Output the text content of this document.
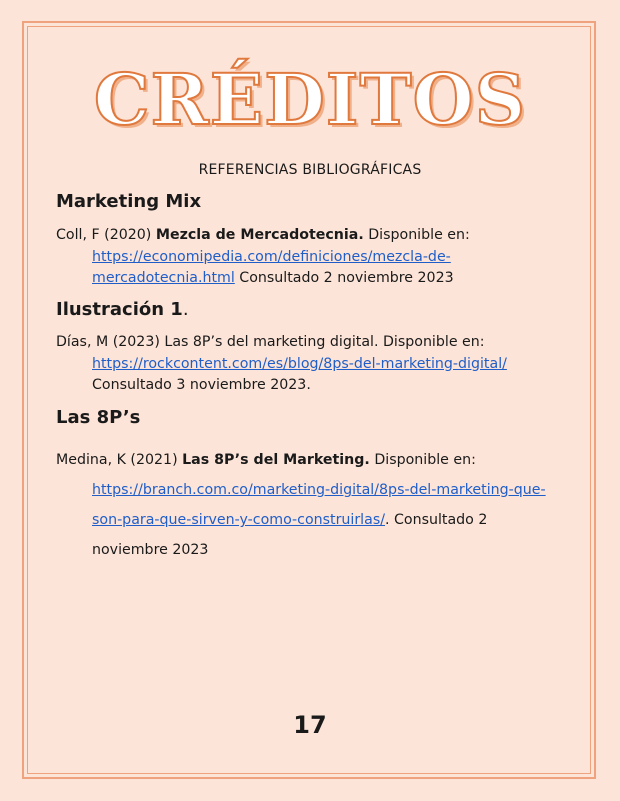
CRÉDITOS
REFERENCIAS BIBLIOGRÁFICAS
Marketing Mix
Coll, F (2020) Mezcla de Mercadotecnia. Disponible en:
https://economipedia.com/definiciones/mezcla-de-
mercadotecnia.html Consultado 2 noviembre 2023
Ilustración 1.
Días, M (2023) Las 8P’s del marketing digital. Disponible en:
https://rockcontent.com/es/blog/8ps-del-marketing-digital/
Consultado 3 noviembre 2023.
Las 8P’s
Medina, K (2021) Las 8P’s del Marketing. Disponible en:
https://branch.com.co/marketing-digital/8ps-del-marketing-que-
son-para-que-sirven-y-como-construirlas/. Consultado 2
noviembre 2023
17
